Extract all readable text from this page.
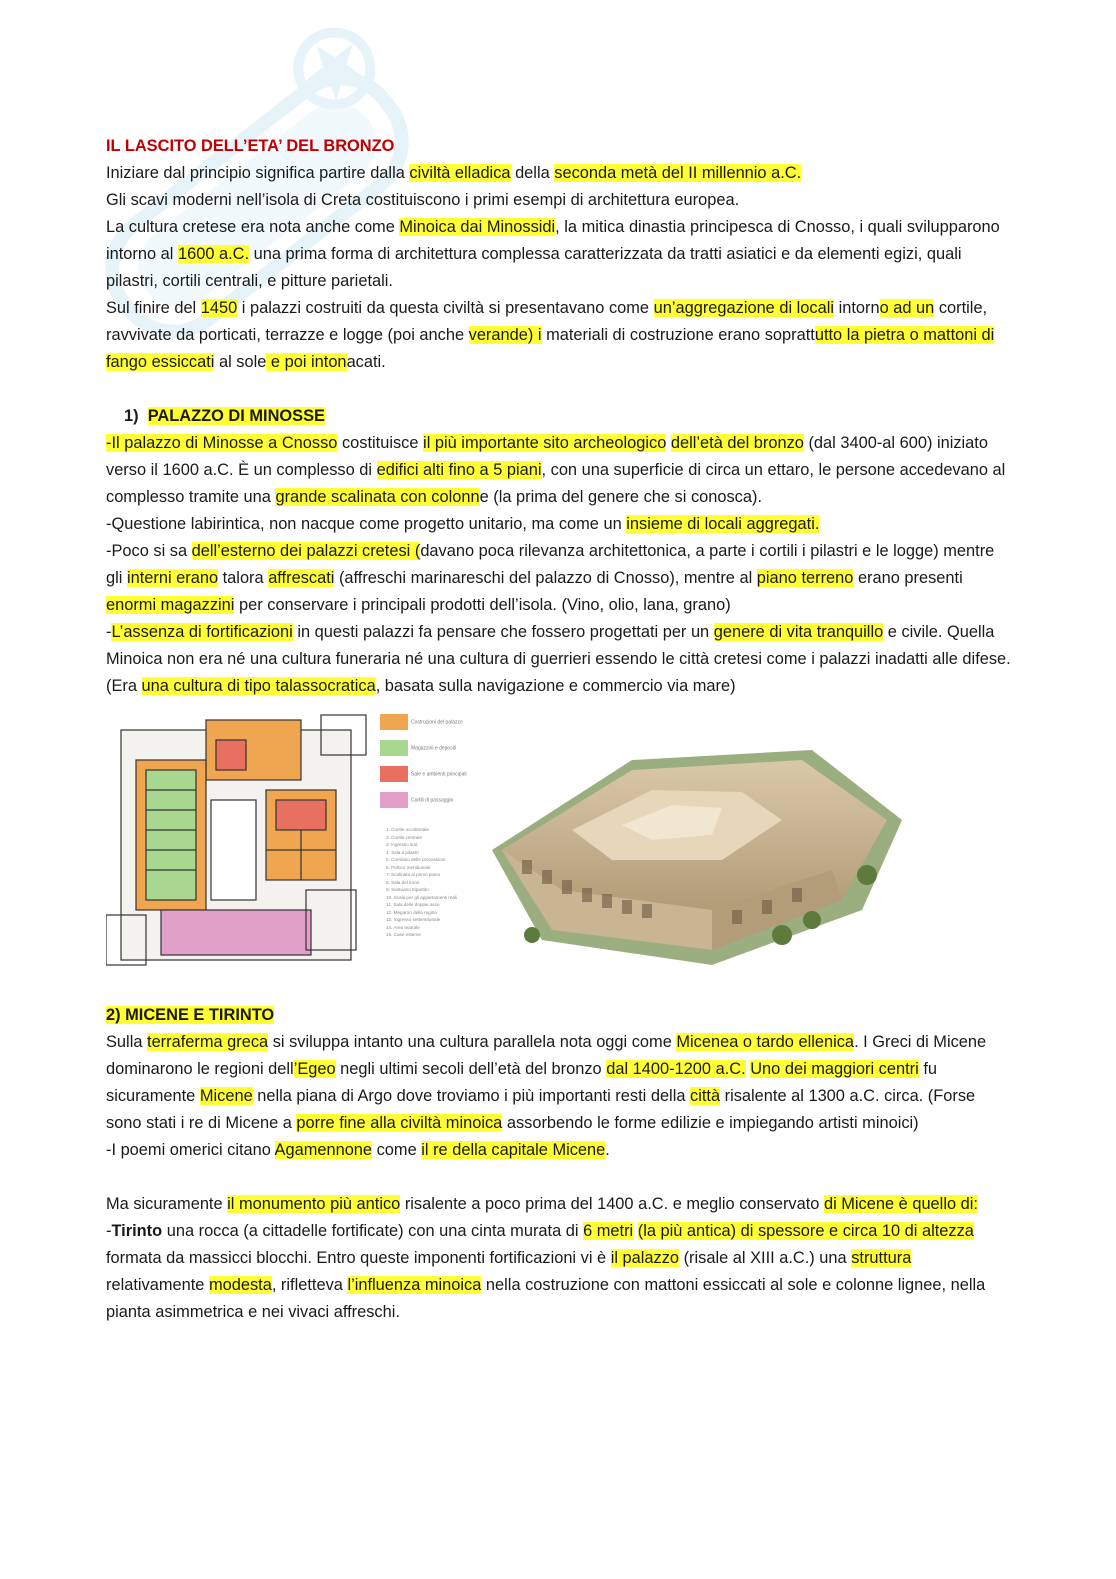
IL LASCITO DELL’ETA’ DEL BRONZO

Iniziare dal principio significa partire dalla civiltà elladica della seconda metà del II millennio a.C.

Gli scavi moderni nell’isola di Creta costituiscono i primi esempi di architettura europea.

La cultura cretese era nota anche come Minoica dai Minossidi, la mitica dinastia principesca di Cnosso, i quali svilupparono intorno al 1600 a.C. una prima forma di architettura complessa caratterizzata da tratti asiatici e da elementi egizi, quali pilastri, cortili centrali, e pitture parietali.

Sul finire del 1450 i palazzi costruiti da questa civiltà si presentavano come un’aggregazione di locali intorno ad un cortile, ravvivate da porticati, terrazze e logge (poi anche verande) i materiali di costruzione erano soprattutto la pietra o mattoni di fango essiccati al sole e poi intonacati.

1) PALAZZO DI MINOSSE

-Il palazzo di Minosse a Cnosso costituisce il più importante sito archeologico dell’età del bronzo (dal 3400-al 600) iniziato verso il 1600 a.C. È un complesso di edifici alti fino a 5 piani, con una superficie di circa un ettaro, le persone accedevano al complesso tramite una grande scalinata con colonne (la prima del genere che si conosca).

-Questione labirintica, non nacque come progetto unitario, ma come un insieme di locali aggregati.

-Poco si sa dell’esterno dei palazzi cretesi (davano poca rilevanza architettonica, a parte i cortili i pilastri e le logge) mentre gli interni erano talora affrescati (affreschi marinareschi del palazzo di Cnosso), mentre al piano terreno erano presenti enormi magazzini per conservare i principali prodotti dell’isola. (Vino, olio, lana, grano)

-L’assenza di fortificazioni in questi palazzi fa pensare che fossero progettati per un genere di vita tranquillo e civile. Quella Minoica non era né una cultura funeraria né una cultura di guerrieri essendo le città cretesi come i palazzi inadatti alle difese. (Era una cultura di tipo talassocratica, basata sulla navigazione e commercio via mare)

Costruzioni del palazzo
Magazzini e depositi
Sale e ambienti principali
Cortili di passaggio
1. Cortile occidentale
2. Cortile centrale
3. Ingresso sud
4. Sala a pilastri
5. Corridoio delle processioni
6. Portico meridionale
7. Scalinata al primo piano
8. Sala del trono
9. Santuario tripartito
10. Scala per gli appartamenti reali
11. Sala delle doppie asce
12. Megaron della regina
13. Ingresso settentrionale
14. Area teatrale
15. Case esterne

2) MICENE E TIRINTO

Sulla terraferma greca si sviluppa intanto una cultura parallela nota oggi come Micenea o tardo ellenica. I Greci di Micene dominarono le regioni dell’Egeo negli ultimi secoli dell’età del bronzo dal 1400-1200 a.C. Uno dei maggiori centri fu sicuramente Micene nella piana di Argo dove troviamo i più importanti resti della città risalente al 1300 a.C. circa. (Forse sono stati i re di Micene a porre fine alla civiltà minoica assorbendo le forme edilizie e impiegando artisti minoici)

-I poemi omerici citano Agamennone come il re della capitale Micene.

Ma sicuramente il monumento più antico risalente a poco prima del 1400 a.C. e meglio conservato di Micene è quello di:

-Tirinto una rocca (a cittadelle fortificate) con una cinta murata di 6 metri (la più antica) di spessore e circa 10 di altezza formata da massicci blocchi. Entro queste imponenti fortificazioni vi è il palazzo (risale al XIII a.C.) una struttura relativamente modesta, rifletteva l’influenza minoica nella costruzione con mattoni essiccati al sole e colonne lignee, nella pianta asimmetrica e nei vivaci affreschi.
